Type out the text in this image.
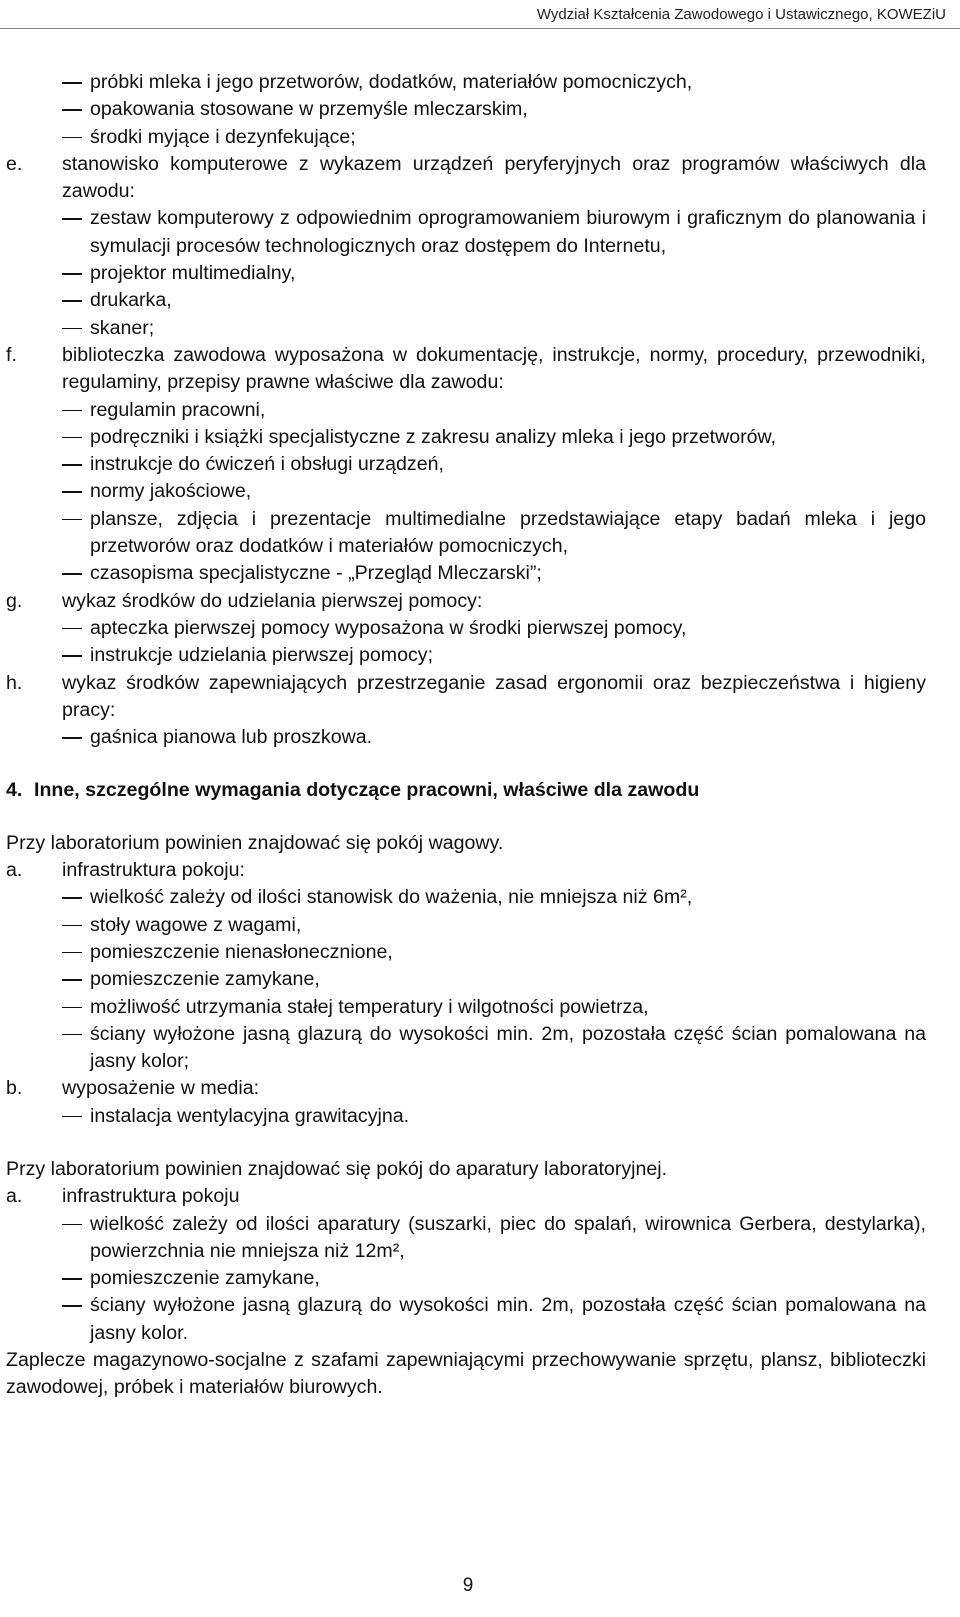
Wydział Kształcenia Zawodowego i Ustawicznego, KOWEZiU
próbki mleka i jego przetworów, dodatków, materiałów pomocniczych,
opakowania stosowane w przemyśle mleczarskim,
środki myjące i dezynfekujące;
e. stanowisko komputerowe z wykazem urządzeń peryferyjnych oraz programów właściwych dla zawodu:
zestaw komputerowy z odpowiednim oprogramowaniem biurowym i graficznym do planowania i symulacji procesów technologicznych oraz dostępem do Internetu,
projektor multimedialny,
drukarka,
skaner;
f. biblioteczka zawodowa wyposażona w dokumentację, instrukcje, normy, procedury, przewodniki, regulaminy, przepisy prawne właściwe dla zawodu:
regulamin pracowni,
podręczniki i książki specjalistyczne z zakresu analizy mleka i jego przetworów,
instrukcje do ćwiczeń i obsługi urządzeń,
normy jakościowe,
plansze, zdjęcia i prezentacje multimedialne przedstawiające etapy badań mleka i jego przetworów oraz dodatków i materiałów pomocniczych,
czasopisma specjalistyczne - „Przegląd Mleczarski”;
g. wykaz środków do udzielania pierwszej pomocy:
apteczka pierwszej pomocy wyposażona w środki pierwszej pomocy,
instrukcje udzielania pierwszej pomocy;
h. wykaz środków zapewniających przestrzeganie zasad ergonomii oraz bezpieczeństwa i higieny pracy:
gaśnica pianowa lub proszkowa.
4. Inne, szczególne wymagania dotyczące pracowni, właściwe dla zawodu
Przy laboratorium powinien znajdować się pokój wagowy.
a. infrastruktura pokoju:
wielkość zależy od ilości stanowisk do ważenia, nie mniejsza niż 6m²,
stoły wagowe z wagami,
pomieszczenie nienasłonecznione,
pomieszczenie zamykane,
możliwość utrzymania stałej temperatury i wilgotności powietrza,
ściany wyłożone jasną glazurą do wysokości min. 2m, pozostała część ścian pomalowana na jasny kolor;
b. wyposażenie w media:
instalacja wentylacyjna grawitacyjna.
Przy laboratorium powinien znajdować się pokój do aparatury laboratoryjnej.
a. infrastruktura pokoju
wielkość zależy od ilości aparatury (suszarki, piec do spalań, wirownica Gerbera, destylarka), powierzchnia nie mniejsza niż 12m²,
pomieszczenie zamykane,
ściany wyłożone jasną glazurą do wysokości min. 2m, pozostała część ścian pomalowana na jasny kolor.
Zaplecze magazynowo-socjalne z szafami zapewniającymi przechowywanie sprzętu, plansz, biblioteczki zawodowej, próbek i materiałów biurowych.
9
